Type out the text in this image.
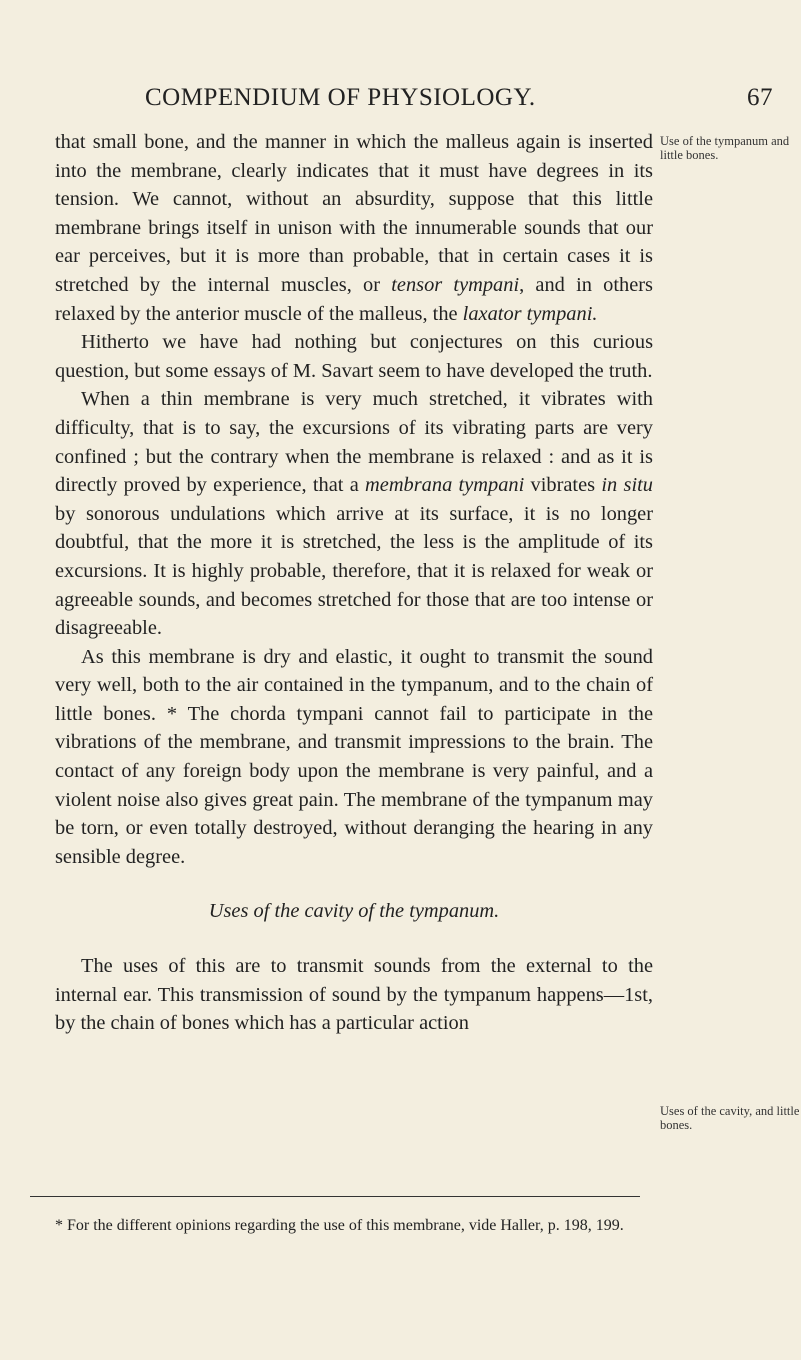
COMPENDIUM OF PHYSIOLOGY.	67

that small bone, and the manner in which the malleus again is inserted into the membrane, clearly indicates that it must have degrees in its tension. We cannot, without an absurdity, suppose that this little membrane brings itself in unison with the innumerable sounds that our ear perceives, but it is more than probable, that in certain cases it is stretched by the internal muscles, or tensor tympani, and in others relaxed by the anterior muscle of the malleus, the laxator tympani.

Hitherto we have had nothing but conjectures on this curious question, but some essays of M. Savart seem to have developed the truth.

When a thin membrane is very much stretched, it vibrates with difficulty, that is to say, the excursions of its vibrating parts are very confined ; but the contrary when the membrane is relaxed : and as it is directly proved by experience, that a membrana tympani vibrates in situ by sonorous undulations which arrive at its surface, it is no longer doubtful, that the more it is stretched, the less is the amplitude of its excursions. It is highly probable, therefore, that it is relaxed for weak or agreeable sounds, and becomes stretched for those that are too intense or disagreeable.

As this membrane is dry and elastic, it ought to transmit the sound very well, both to the air contained in the tympanum, and to the chain of little bones. * The chorda tympani cannot fail to participate in the vibrations of the membrane, and transmit impressions to the brain. The contact of any foreign body upon the membrane is very painful, and a violent noise also gives great pain. The membrane of the tympanum may be torn, or even totally destroyed, without deranging the hearing in any sensible degree.

Uses of the cavity of the tympanum.

The uses of this are to transmit sounds from the external to the internal ear. This transmission of sound by the tympanum happens—1st, by the chain of bones which has a particular action

Use of the tympanum and little bones.
Uses of the cavity, and little bones.
* For the different opinions regarding the use of this membrane, vide Haller, p. 198, 199.
